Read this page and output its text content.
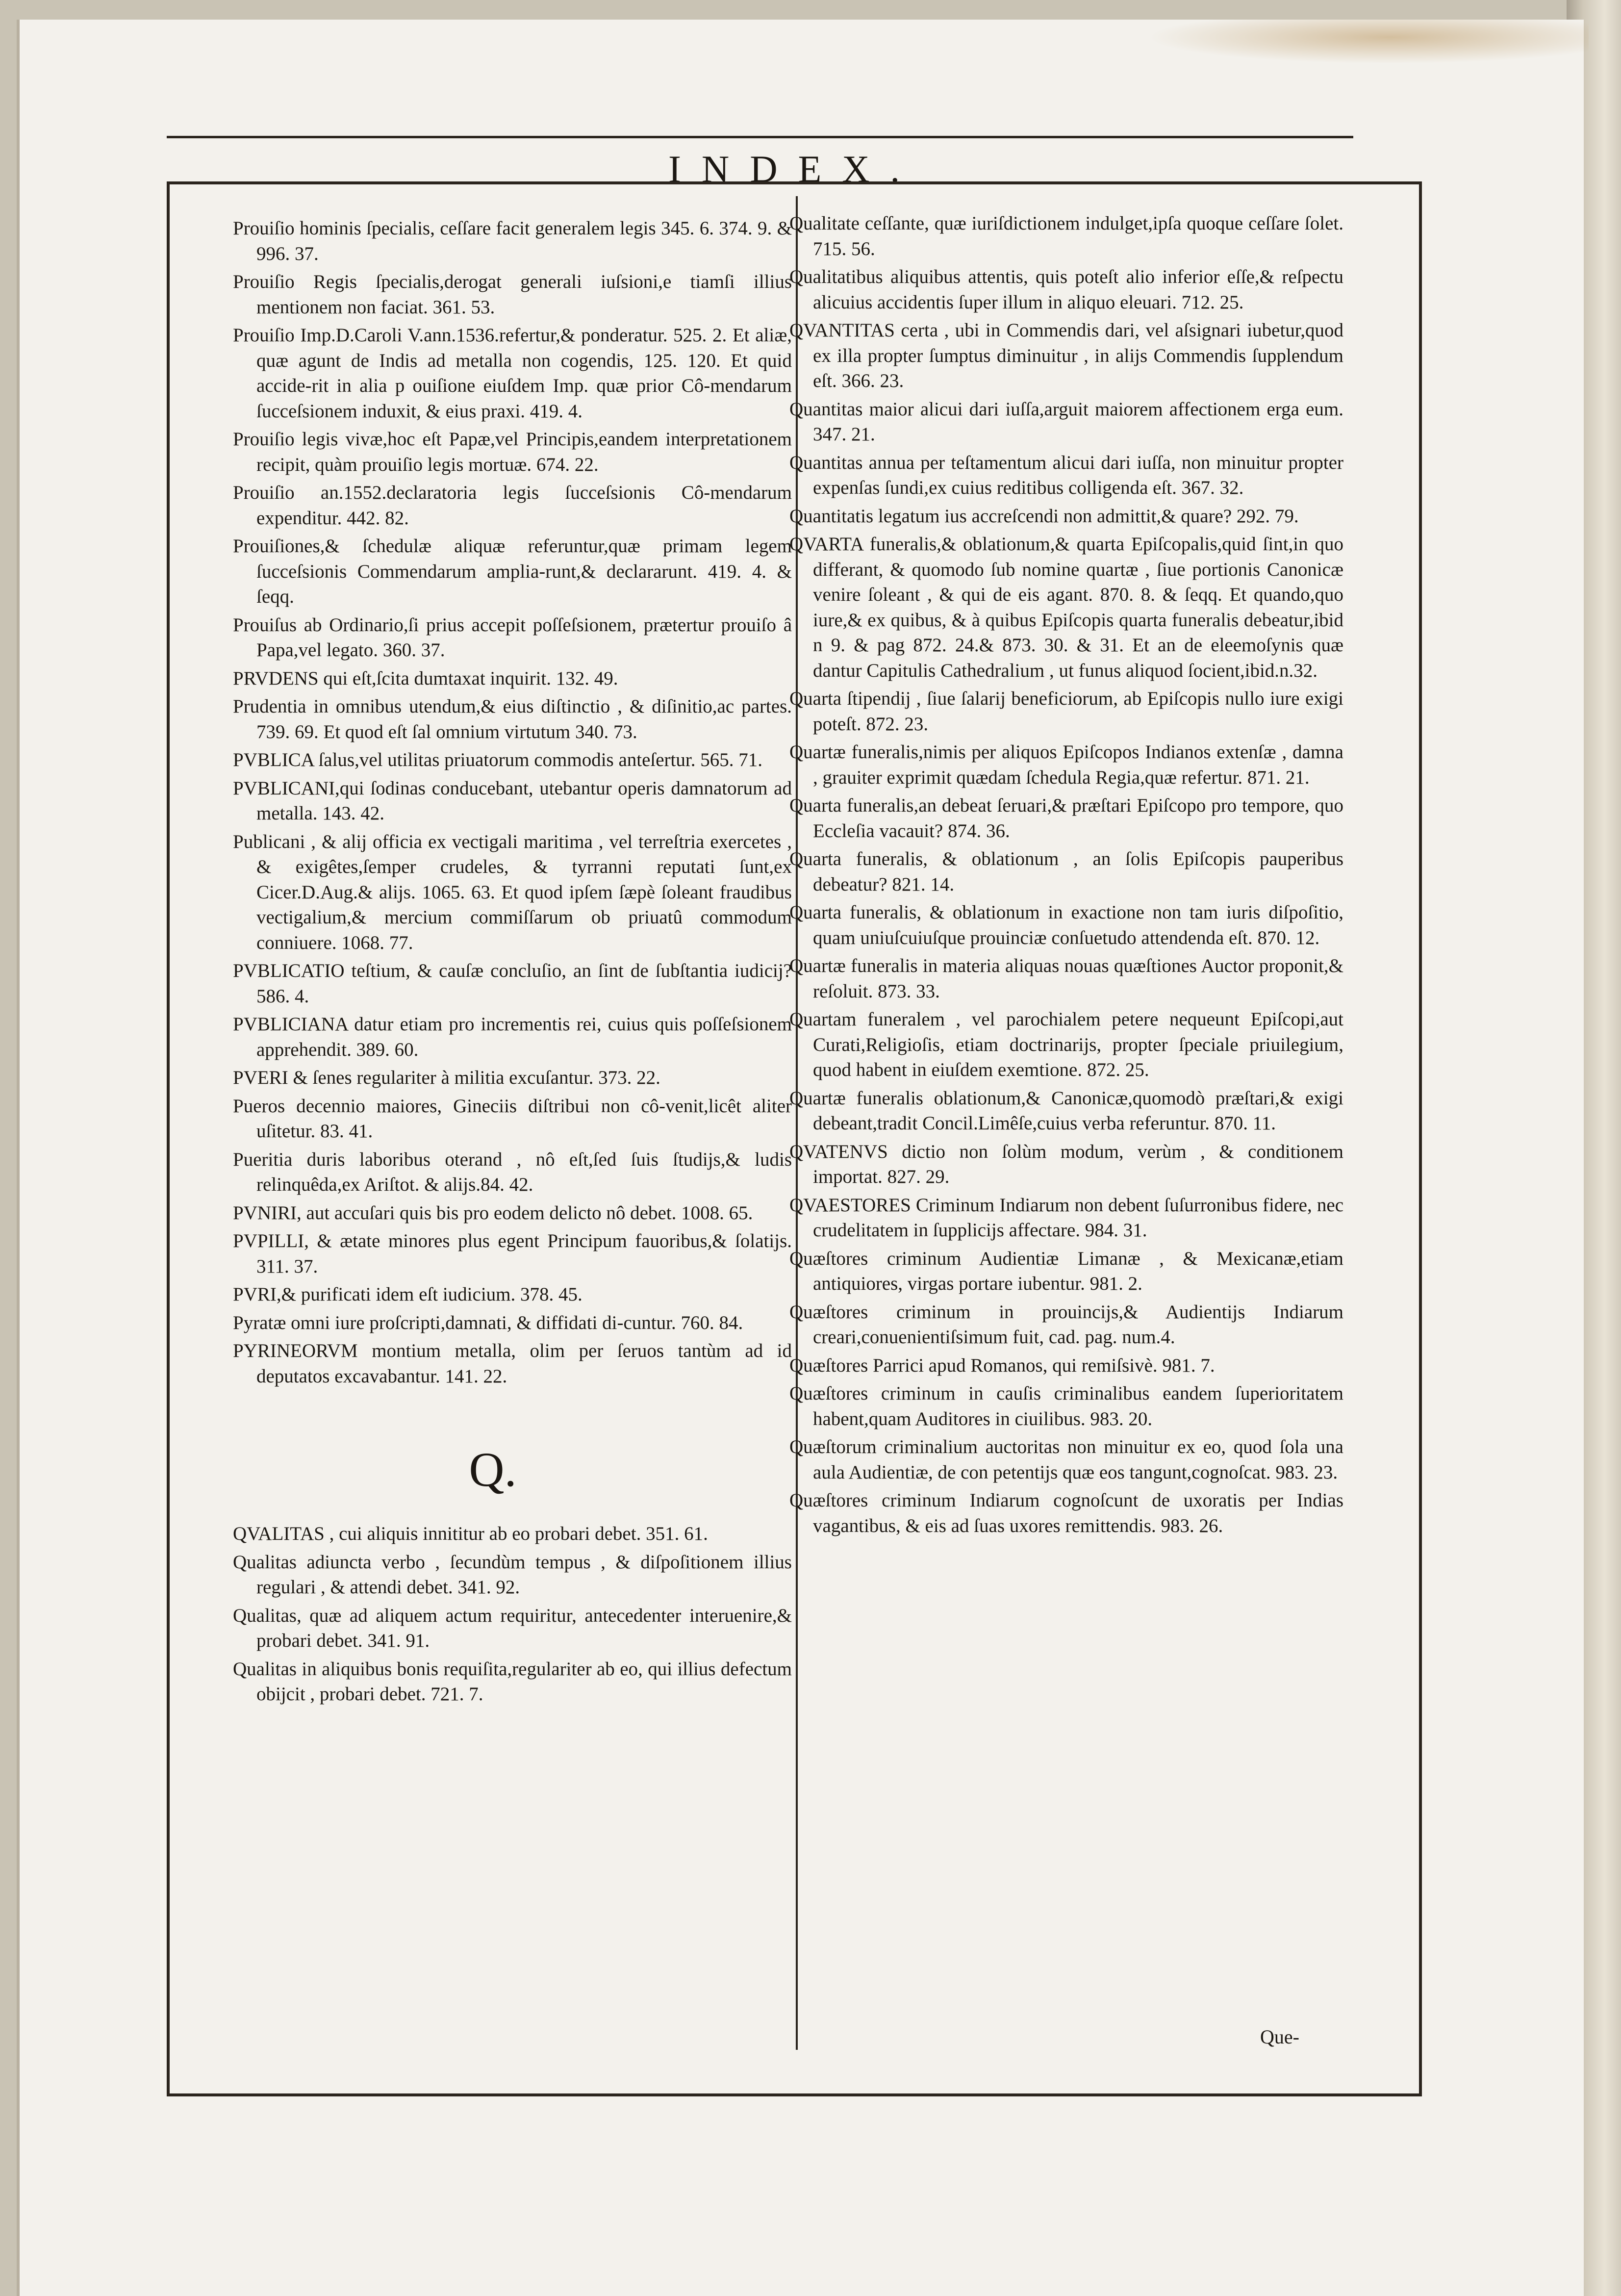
INDEX.
Prouiſio hominis ſpecialis, ceſſare facit generalem legis 345. 6. 374. 9. & 996. 37.
Prouiſio Regis ſpecialis,derogat generali iuſsioni,e tiamſi illius mentionem non faciat. 361. 53.
Prouiſio Imp.D.Caroli V.ann.1536.refertur,& ponderatur. 525. 2. Et aliæ, quæ agunt de Indis ad metalla non cogendis, 125. 120. Et quid accide-rit in alia p ouiſione eiuſdem Imp. quæ prior Cô-mendarum ſucceſsionem induxit, & eius praxi. 419. 4.
Prouiſio legis vivæ,hoc eſt Papæ,vel Principis,eandem interpretationem recipit, quàm prouiſio legis mortuæ. 674. 22.
Prouiſio an.1552.declaratoria legis ſucceſsionis Cô-mendarum expenditur. 442. 82.
Prouiſiones,& ſchedulæ aliquæ referuntur,quæ primam legem ſucceſsionis Commendarum amplia-runt,& declararunt. 419. 4. & ſeqq.
Prouiſus ab Ordinario,ſi prius accepit poſſeſsionem, prætertur prouiſo â Papa,vel legato. 360. 37.
PRVDENS qui eſt,ſcita dumtaxat inquirit. 132. 49.
Prudentia in omnibus utendum,& eius diſtinctio , & diſinitio,ac partes. 739. 69. Et quod eſt ſal omnium virtutum 340. 73.
PVBLICA ſalus,vel utilitas priuatorum commodis anteſertur. 565. 71.
PVBLICANI,qui ſodinas conducebant, utebantur operis damnatorum ad metalla. 143. 42.
Publicani , & alij officia ex vectigali maritima , vel terreſtria exercetes , & exigêtes,ſemper crudeles, & tyrranni reputati ſunt,ex Cicer.D.Aug.& alijs. 1065. 63. Et quod ipſem ſæpè ſoleant fraudibus vectigalium,& mercium commiſſarum ob priuatû commodum conniuere. 1068. 77.
PVBLICATIO teſtium, & cauſæ concluſio, an ſint de ſubſtantia iudicij? 586. 4.
PVBLICIANA datur etiam pro incrementis rei, cuius quis poſſeſsionem apprehendit. 389. 60.
PVERI & ſenes regulariter à militia excuſantur. 373. 22.
Pueros decennio maiores, Gineciis diſtribui non cô-venit,licêt aliter uſitetur. 83. 41.
Pueritia duris laboribus oterand , nô eſt,ſed ſuis ſtudijs,& ludis relinquêda,ex Ariſtot. & alijs.84. 42.
PVNIRI, aut accuſari quis bis pro eodem delicto nô debet. 1008. 65.
PVPILLI, & ætate minores plus egent Principum fauoribus,& ſolatijs. 311. 37.
PVRI,& purificati idem eſt iudicium. 378. 45.
Pyratæ omni iure proſcripti,damnati, & diffidati di-cuntur. 760. 84.
PYRINEORVM montium metalla, olim per ſeruos tantùm ad id deputatos excavabantur. 141. 22.
Q.
QVALITAS , cui aliquis innititur ab eo probari debet. 351. 61.
Qualitas adiuncta verbo , ſecundùm tempus , & diſpoſitionem illius regulari , & attendi debet. 341. 92.
Qualitas, quæ ad aliquem actum requiritur, antecedenter interuenire,& probari debet. 341. 91.
Qualitas in aliquibus bonis requiſita,regulariter ab eo, qui illius defectum obijcit , probari debet. 721. 7.
Qualitate ceſſante, quæ iuriſdictionem indulget,ipſa quoque ceſſare ſolet. 715. 56.
Qualitatibus aliquibus attentis, quis poteſt alio inferior eſſe,& reſpectu alicuius accidentis ſuper illum in aliquo eleuari. 712. 25.
QVANTITAS certa , ubi in Commendis dari, vel aſsignari iubetur,quod ex illa propter ſumptus diminuitur , in alijs Commendis ſupplendum eſt. 366. 23.
Quantitas maior alicui dari iuſſa,arguit maiorem affectionem erga eum. 347. 21.
Quantitas annua per teſtamentum alicui dari iuſſa, non minuitur propter expenſas ſundi,ex cuius reditibus colligenda eſt. 367. 32.
Quantitatis legatum ius accreſcendi non admittit,& quare? 292. 79.
QVARTA funeralis,& oblationum,& quarta Epiſcopalis,quid ſint,in quo differant, & quomodo ſub nomine quartæ , ſiue portionis Canonicæ venire ſoleant , & qui de eis agant. 870. 8. & ſeqq. Et quando,quo iure,& ex quibus, & à quibus Epiſcopis quarta funeralis debeatur,ibid n 9. & pag 872. 24.& 873. 30. & 31. Et an de eleemoſynis quæ dantur Capitulis Cathedralium , ut funus aliquod ſocient,ibid.n.32.
Quarta ſtipendij , ſiue ſalarij beneficiorum, ab Epiſcopis nullo iure exigi poteſt. 872. 23.
Quartæ funeralis,nimis per aliquos Epiſcopos Indianos extenſæ , damna , grauiter exprimit quædam ſchedula Regia,quæ refertur. 871. 21.
Quarta funeralis,an debeat ſeruari,& præſtari Epiſcopo pro tempore, quo Eccleſia vacauit? 874. 36.
Quarta funeralis, & oblationum , an ſolis Epiſcopis pauperibus debeatur? 821. 14.
Quarta funeralis, & oblationum in exactione non tam iuris diſpoſitio, quam uniuſcuiuſque prouinciæ conſuetudo attendenda eſt. 870. 12.
Quartæ funeralis in materia aliquas nouas quæſtiones Auctor proponit,& reſoluit. 873. 33.
Quartam funeralem , vel parochialem petere nequeunt Epiſcopi,aut Curati,Religioſis, etiam doctrinarijs, propter ſpeciale priuilegium, quod habent in eiuſdem exemtione. 872. 25.
Quartæ funeralis oblationum,& Canonicæ,quomodò præſtari,& exigi debeant,tradit Concil.Limêſe,cuius verba referuntur. 870. 11.
QVATENVS dictio non ſolùm modum, verùm , & conditionem importat. 827. 29.
QVAESTORES Criminum Indiarum non debent ſuſurronibus fidere, nec crudelitatem in ſupplicijs affectare. 984. 31.
Quæſtores criminum Audientiæ Limanæ , & Mexicanæ,etiam antiquiores, virgas portare iubentur. 981. 2.
Quæſtores criminum in prouincijs,& Audientijs Indiarum creari,conuenientiſsimum fuit, cad. pag. num.4.
Quæſtores Parrici apud Romanos, qui remiſsivè. 981. 7.
Quæſtores criminum in cauſis criminalibus eandem ſuperioritatem habent,quam Auditores in ciuilibus. 983. 20.
Quæſtorum criminalium auctoritas non minuitur ex eo, quod ſola una aula Audientiæ, de con petentijs quæ eos tangunt,cognoſcat. 983. 23.
Quæſtores criminum Indiarum cognoſcunt de uxoratis per Indias vagantibus, & eis ad ſuas uxores remittendis. 983. 26.
Que-
